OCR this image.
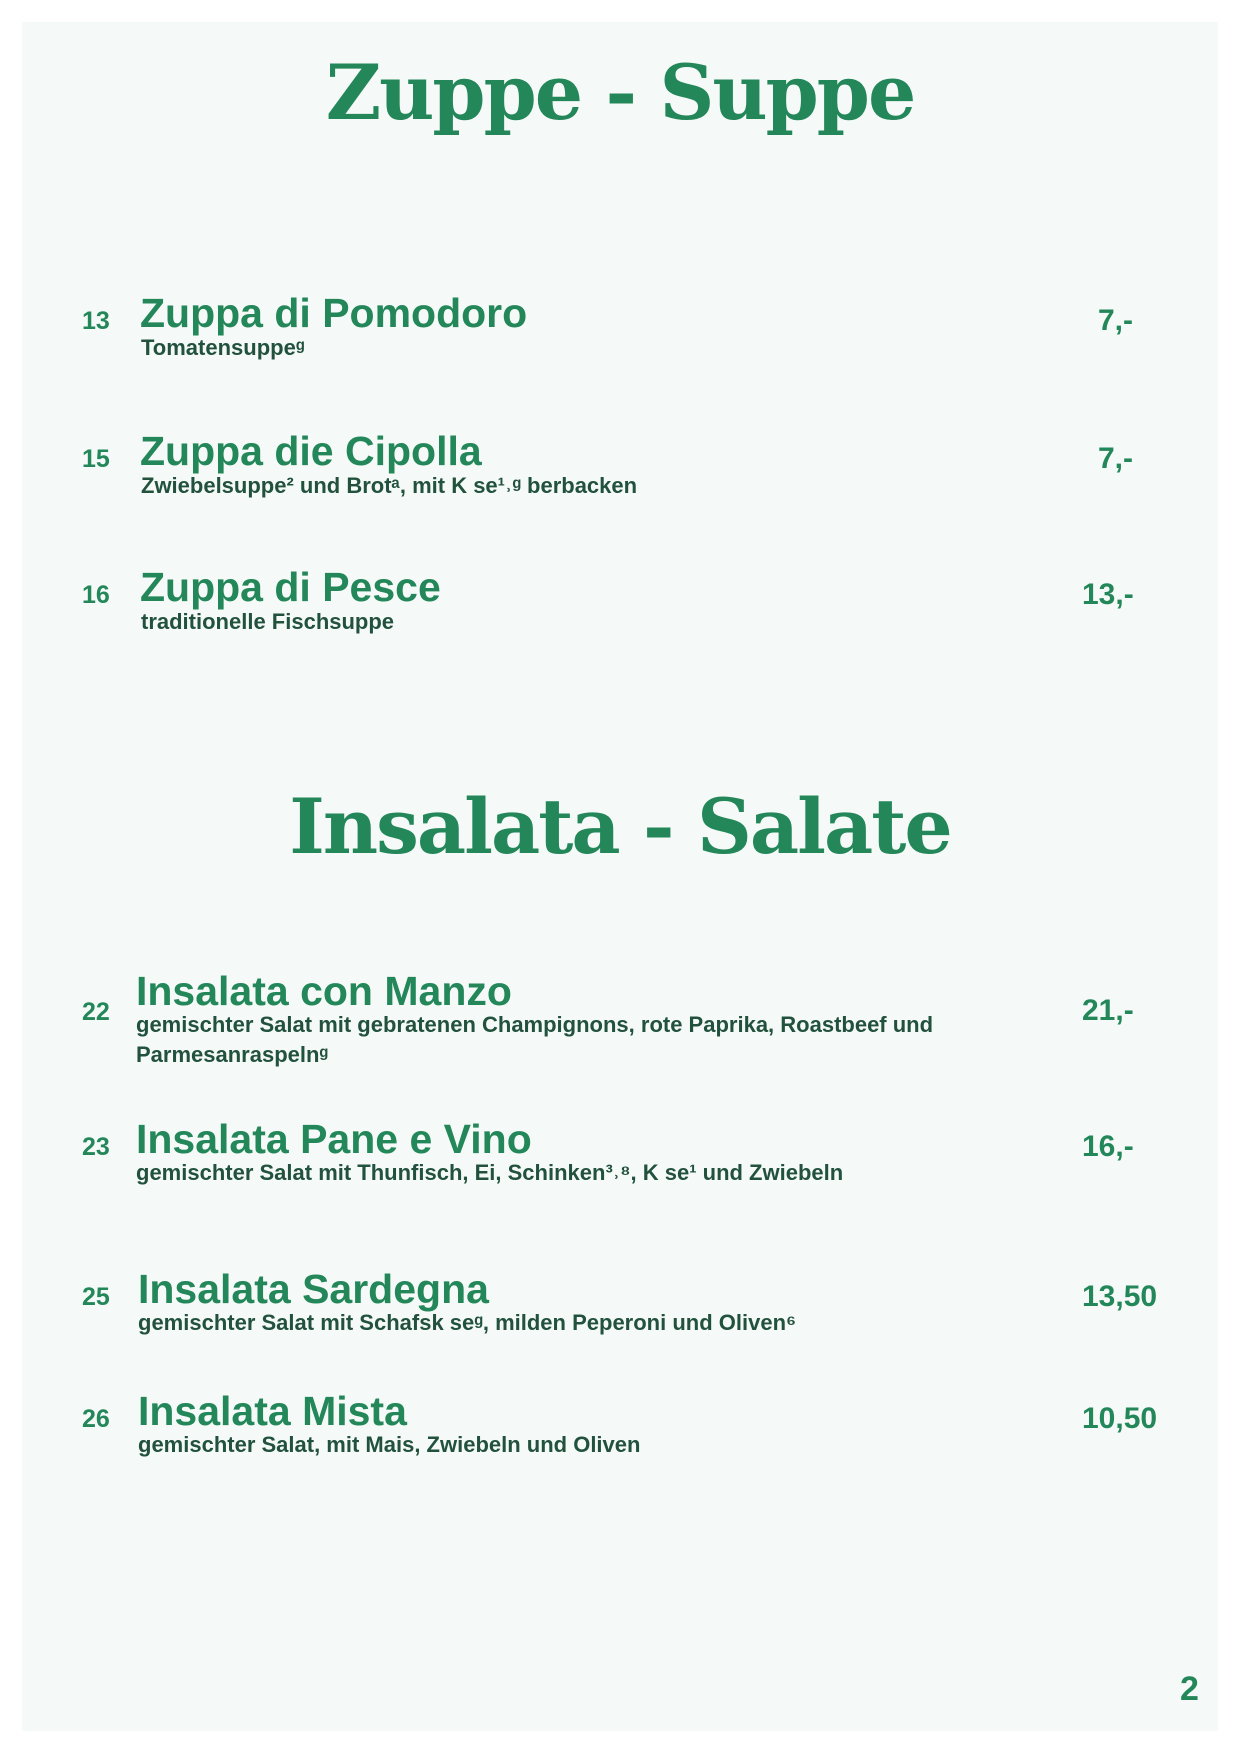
Zuppe - Suppe
13 Zuppa di Pomodoro
Tomatensuppeᵍ
7,-
15 Zuppa die Cipolla
Zwiebelsuppe² und Brotᵃ, mit K se¹˒ᵍ berbacken
7,-
16 Zuppa di Pesce
traditionelle Fischsuppe
13,-
Insalata - Salate
22 Insalata con Manzo
gemischter Salat mit gebratenen Champignons, rote Paprika, Roastbeef und Parmesanraspelnᵍ
21,-
23 Insalata Pane e Vino
gemischter Salat mit Thunfisch, Ei, Schinken³˒⁸, K se¹ und Zwiebeln
16,-
25 Insalata Sardegna
gemischter Salat mit Schafsk seᵍ, milden Peperoni und Oliven⁶
13,50
26 Insalata Mista
gemischter Salat, mit Mais, Zwiebeln und Oliven
10,50
2
